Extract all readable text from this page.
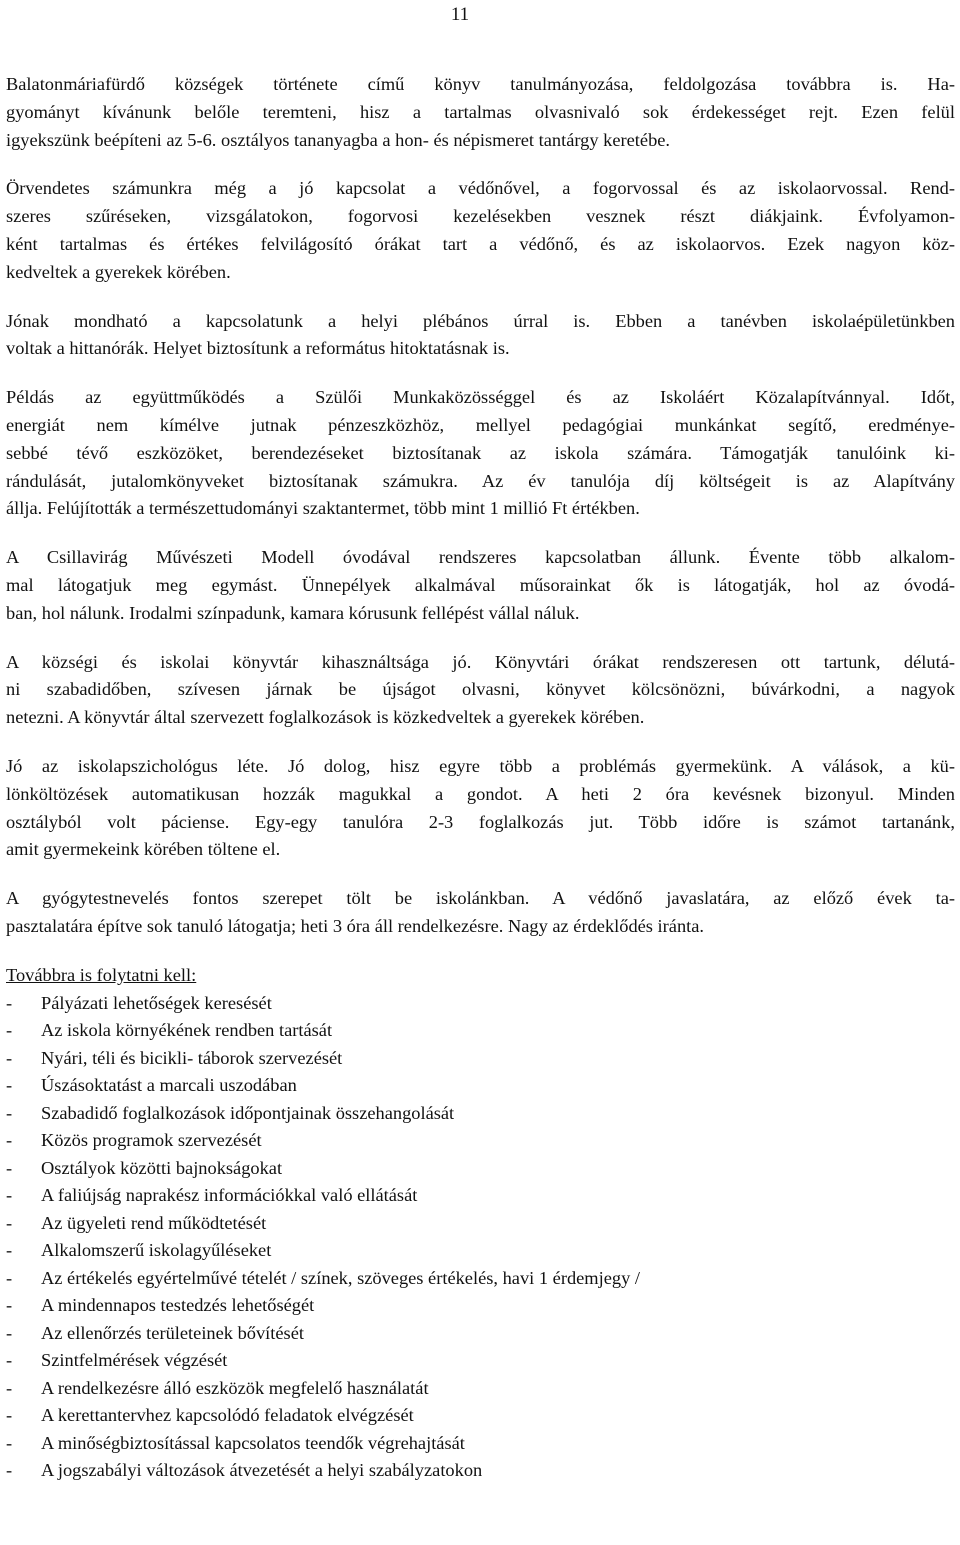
11

Balatonmáriafürdő községek története című könyv tanulmányozása, feldolgozása továbbra is. Ha-
gyományt kívánunk belőle teremteni, hisz a tartalmas olvasnivaló sok érdekességet rejt. Ezen felül
igyekszünk beépíteni az 5-6. osztályos tananyagba a hon- és népismeret tantárgy keretébe.

Örvendetes számunkra még a jó kapcsolat a védőnővel, a fogorvossal és az iskolaorvossal. Rend-
szeres szűréseken, vizsgálatokon, fogorvosi kezelésekben vesznek részt diákjaink. Évfolyamon-
ként tartalmas és értékes felvilágosító órákat tart a védőnő, és az iskolaorvos. Ezek nagyon köz-
kedveltek a gyerekek körében.

Jónak mondható a kapcsolatunk a helyi plébános úrral is. Ebben a tanévben iskolaépületünkben
voltak a hittanórák. Helyet biztosítunk a református hitoktatásnak is.

Példás az együttműködés a Szülői Munkaközösséggel és az Iskoláért Közalapítvánnyal. Időt,
energiát nem kímélve jutnak pénzeszközhöz, mellyel pedagógiai munkánkat segítő, eredménye-
sebbé tévő eszközöket, berendezéseket biztosítanak az iskola számára. Támogatják tanulóink ki-
rándulását, jutalomkönyveket biztosítanak számukra. Az év tanulója díj költségeit is az Alapítvány
állja. Felújították a természettudományi szaktantermet, több mint 1 millió Ft értékben.

A Csillavirág Művészeti Modell óvodával rendszeres kapcsolatban állunk. Évente több alkalom-
mal látogatjuk meg egymást. Ünnepélyek alkalmával műsorainkat ők is látogatják, hol az óvodá-
ban, hol nálunk. Irodalmi színpadunk, kamara kórusunk fellépést vállal náluk.

A községi és iskolai könyvtár kihasználtsága jó. Könyvtári órákat rendszeresen ott tartunk, délutá-
ni szabadidőben, szívesen járnak be újságot olvasni, könyvet kölcsönözni, búvárkodni, a nagyok
netezni. A könyvtár által szervezett foglalkozások is közkedveltek a gyerekek körében.

Jó az iskolapszichológus léte. Jó dolog, hisz egyre több a problémás gyermekünk. A válások, a kü-
lönköltözések automatikusan hozzák magukkal a gondot. A heti 2 óra kevésnek bizonyul. Minden
osztályból volt páciense. Egy-egy tanulóra 2-3 foglalkozás jut. Több időre is számot tartanánk,
amit gyermekeink körében töltene el.

A gyógytestnevelés fontos szerepet tölt be iskolánkban. A védőnő javaslatára, az előző évek ta-
pasztalatára építve sok tanuló látogatja; heti 3 óra áll rendelkezésre. Nagy az érdeklődés iránta.

Továbbra is folytatni kell:

- Pályázati lehetőségek keresését
- Az iskola környékének rendben tartását
- Nyári, téli és bicikli- táborok szervezését
- Úszásoktatást a marcali uszodában
- Szabadidő foglalkozások időpontjainak összehangolását
- Közös programok szervezését
- Osztályok közötti bajnokságokat
- A faliújság naprakész információkkal való ellátását
- Az ügyeleti rend működtetését
- Alkalomszerű iskolagyűléseket
- Az értékelés egyértelművé tételét / színek, szöveges értékelés, havi 1 érdemjegy /
- A mindennapos testedzés lehetőségét
- Az ellenőrzés területeinek bővítését
- Szintfelmérések végzését
- A rendelkezésre álló eszközök megfelelő használatát
- A kerettantervhez kapcsolódó feladatok elvégzését
- A minőségbiztosítással kapcsolatos teendők végrehajtását
- A jogszabályi változások átvezetését a helyi szabályzatokon
